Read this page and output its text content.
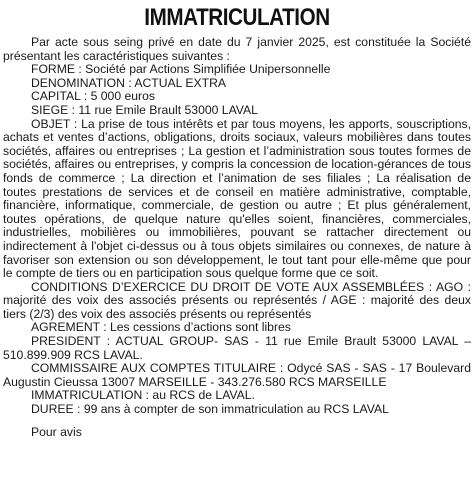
IMMATRICULATION

Par acte sous seing privé en date du 7 janvier 2025, est constituée la Société présentant les caractéristiques suivantes :

FORME : Société par Actions Simplifiée Unipersonnelle

DENOMINATION : ACTUAL EXTRA

CAPITAL : 5 000 euros

SIEGE : 11 rue Emile Brault 53000 LAVAL

OBJET : La prise de tous intérêts et par tous moyens, les apports, souscriptions, achats et ventes d’actions, obligations, droits sociaux, valeurs mobilières dans toutes sociétés, affaires ou entreprises ; La gestion et l’administration sous toutes formes de sociétés, affaires ou entreprises, y compris la concession de location-gérances de tous fonds de commerce ; La direction et l’animation de ses filiales ; La réalisation de toutes prestations de services et de conseil en matière administrative, comptable, financière, informatique, commerciale, de gestion ou autre ; Et plus généralement, toutes opérations, de quelque nature qu'elles soient, financières, commerciales, industrielles, mobilières ou immobilières, pouvant se rattacher directement ou indirectement à l'objet ci-dessus ou à tous objets similaires ou connexes, de nature à favoriser son extension ou son développement, le tout tant pour elle-même que pour le compte de tiers ou en participation sous quelque forme que ce soit.

CONDITIONS D’EXERCICE DU DROIT DE VOTE AUX ASSEMBLÉES : AGO : majorité des voix des associés présents ou représentés / AGE : majorité des deux tiers (2/3) des voix des associés présents ou représentés

AGREMENT : Les cessions d’actions sont libres

PRESIDENT : ACTUAL GROUP- SAS - 11 rue Emile Brault 53000 LAVAL – 510.899.909 RCS LAVAL.

COMMISSAIRE AUX COMPTES TITULAIRE : Odycé SAS - SAS - 17 Boulevard Augustin Cieussa 13007 MARSEILLE - 343.276.580 RCS MARSEILLE

IMMATRICULATION : au RCS de LAVAL.

DUREE : 99 ans à compter de son immatriculation au RCS LAVAL

Pour avis
